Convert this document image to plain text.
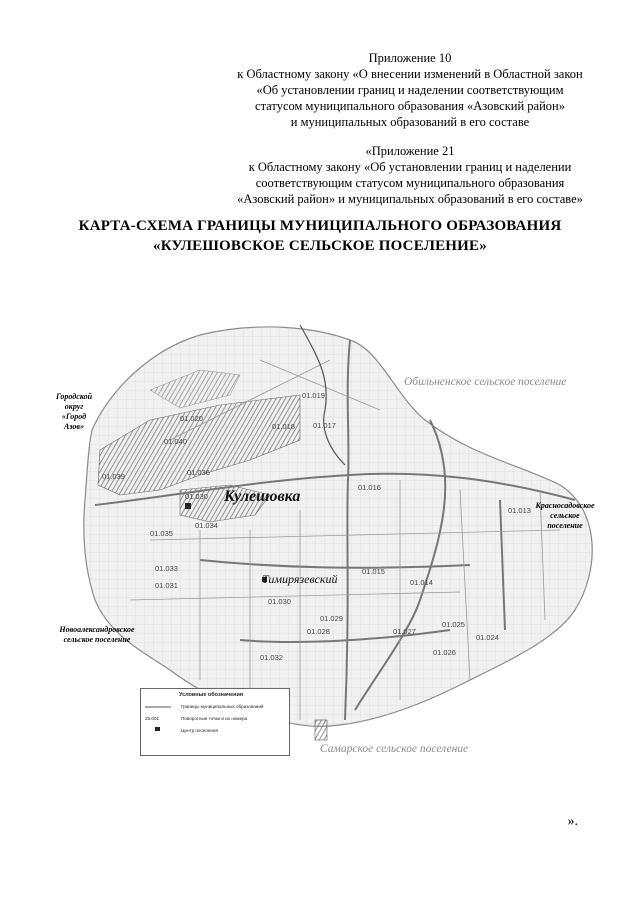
Приложение 10
к Областному закону «О внесении изменений в Областной закон
«Об установлении границ и наделении соответствующим
статусом муниципального образования «Азовский район»
и муниципальных образований в его составе
«Приложение 21
к Областному закону «Об установлении границ и наделении
соответствующим статусом муниципального образования
«Азовский район» и муниципальных образований в его составе»
КАРТА-СХЕМА ГРАНИЦЫ МУНИЦИПАЛЬНОГО ОБРАЗОВАНИЯ
«КУЛЕШОВСКОЕ СЕЛЬСКОЕ ПОСЕЛЕНИЕ»
Обильненское сельское поселение
Самарское сельское поселение
Городской
округ
«Город
Азов»
Красносадовское
сельское
поселение
Новоалександровское
сельское поселение
Кулешовка
Тимирязевский
01.019
01.020
01.018 01.017
01.040
01.016
01.039	01.036
01.030
01.034
01.035
01.013
01.033	01.015
01.014
01.031
01.030
01.029
01.027
01.025
01.028
01.024
01.026
01.032
Условные обозначения
Границы муниципальных образований
25.001	Поворотные точки и их номера
Центр поселения
».
